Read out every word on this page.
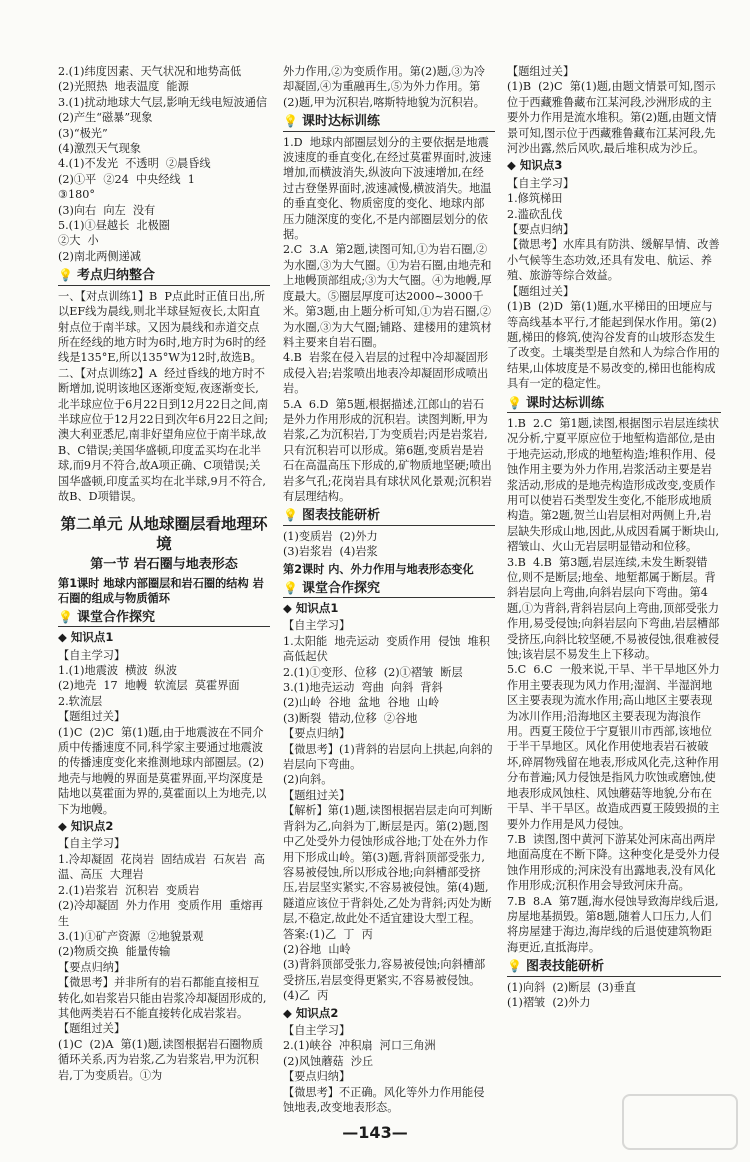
2.(1)纬度因素、天气状况和地势高低

(2)光照热  地表温度  能源

3.(1)扰动地球大气层,影响无线电短波通信

(2)产生“磁暴”现象

(3)“极光”

(4)激烈天气现象

4.(1)不发光  不透明  ②晨昏线

(2)①平  ②24  中央经线  1

③180°

(3)向右  向左  没有

5.(1)①昼越长  北极圈

②大  小

(2)南北两侧递减

💡 考点归纳整合

一、【对点训练1】B  P点此时正值日出,所以EF线为晨线,则北半球昼短夜长,太阳直射点位于南半球。又因为晨线和赤道交点所在经线的地方时为6时,地方时为6时的经线是135°E,所以135°W为12时,故选B。

二、【对点训练2】A  经过昏线的地方时不断增加,说明该地区逐渐变短,夜逐渐变长,北半球应位于6月22日到12月22日之间,南半球应位于12月22日到次年6月22日之间;澳大利亚悉尼,南非好望角应位于南半球,故B、C错误;美国华盛顿,印度孟买均在北半球,而9月不符合,故A项正确、C项错误;关国华盛顿,印度孟买均在北半球,9月不符合,故B、D项错误。

第二单元 从地球圈层看地理环境
第一节 岩石圈与地表形态
第1课时 地球内部圈层和岩石圈的结构 岩石圈的组成与物质循环
💡 课堂合作探究
◆ 知识点1

【自主学习】

1.(1)地震波  横波  纵波

(2)地壳  17  地幔  软流层  莫霍界面

2.软流层

【题组过关】

(1)C  (2)C  第(1)题,由于地震波在不同介质中传播速度不同,科学家主要通过地震波的传播速度变化来推测地球内部圈层。(2)地壳与地幔的界面是莫霍界面,平均深度是陆地以莫霍面为界的,莫霍面以上为地壳,以下为地幔。

◆ 知识点2

【自主学习】

1.冷却凝固  花岗岩  固结成岩  石灰岩  高温、高压  大理岩

2.(1)岩浆岩  沉积岩  变质岩

(2)冷却凝固  外力作用  变质作用  重熔再生

3.(1)①矿产资源  ②地貌景观

(2)物质交换  能量传输

【要点归纳】

【微思考】并非所有的岩石都能直接相互转化,如岩浆岩只能由岩浆冷却凝固形成的,其他两类岩石不能直接转化成岩浆岩。

【题组过关】

(1)C  (2)A  第(1)题,读图根据岩石圈物质循环关系,丙为岩浆,乙为岩浆岩,甲为沉积岩,丁为变质岩。①为

外力作用,②为变质作用。第(2)题,③为冷却凝固,④为重融再生,⑤为外力作用。第(2)题,甲为沉积岩,喀斯特地貌为沉积岩。

💡 课时达标训练

1.D  地球内部圈层划分的主要依据是地震波速度的垂直变化,在经过莫霍界面时,波速增加,而横波消失,纵波向下波速增加,在经过古登堡界面时,波速减慢,横波消失。地温的垂直变化、物质密度的变化、地球内部压力随深度的变化,不是内部圈层划分的依据。

2.C  3.A  第2题,读图可知,①为岩石圈,②为水圈,③为大气圈。①为岩石圈,由地壳和上地幔顶部组成;③为大气圈。④为地幔,厚度最大。⑤圈层厚度可达2000~3000千米。第3题,由上题分析可知,①为岩石圈,②为水圈,③为大气圈;铺路、建楼用的建筑材料主要来自岩石圈。

4.B  岩浆在侵入岩层的过程中冷却凝固形成侵入岩;岩浆喷出地表冷却凝固形成喷出岩。

5.A  6.D  第5题,根据描述,江郎山的岩石是外力作用形成的沉积岩。读图判断,甲为岩浆,乙为沉积岩,丁为变质岩;丙是岩浆岩,只有沉积岩可以形成。第6题,变质岩是岩石在高温高压下形成的,矿物质地坚硬;喷出岩多气孔;花岗岩具有球状风化景观;沉积岩有层理结构。

💡 图表技能研析

(1)变质岩  (2)外力

(3)岩浆岩  (4)岩浆

第2课时 内、外力作用与地表形态变化
💡 课堂合作探究
◆ 知识点1

【自主学习】

1.太阳能  地壳运动  变质作用  侵蚀  堆积  高低起伏

2.(1)①变形、位移  (2)①褶皱  断层

3.(1)地壳运动  弯曲  向斜  背斜

(2)山岭  谷地  盆地  谷地  山岭

(3)断裂  错动,位移  ②谷地

【要点归纳】

【微思考】(1)背斜的岩层向上拱起,向斜的岩层向下弯曲。

(2)向斜。

【题组过关】

【解析】第(1)题,读图根据岩层走向可判断背斜为乙,向斜为丁,断层是丙。第(2)题,图中乙处受外力侵蚀形成谷地;丁处在外力作用下形成山岭。第(3)题,背斜顶部受张力,容易被侵蚀,所以形成谷地;向斜槽部受挤压,岩层坚实紧实,不容易被侵蚀。第(4)题,隧道应该位于背斜处,乙处为背斜;丙处为断层,不稳定,故此处不适宜建设大型工程。

答案:(1)乙  丁  丙

(2)谷地  山岭

(3)背斜顶部受张力,容易被侵蚀;向斜槽部受挤压,岩层变得更紧实,不容易被侵蚀。

(4)乙  丙

◆ 知识点2

【自主学习】

2.(1)峡谷  冲积扇  河口三角洲

(2)风蚀蘑菇  沙丘

【要点归纳】

【微思考】不正确。风化等外力作用能侵蚀地表,改变地表形态。

【题组过关】

(1)B  (2)C  第(1)题,由题文情景可知,图示位于西藏雅鲁藏布江某河段,沙洲形成的主要外力作用是流水堆积。第(2)题,由题文情景可知,图示位于西藏雅鲁藏布江某河段,先河沙出露,然后风吹,最后堆积成为沙丘。

◆ 知识点3

【自主学习】

1.修筑梯田

2.滥砍乱伐

【要点归纳】

【微思考】水库具有防洪、缓解旱情、改善小气候等生态功效,还具有发电、航运、养殖、旅游等综合效益。

【题组过关】

(1)B  (2)D  第(1)题,水平梯田的田埂应与等高线基本平行,才能起到保水作用。第(2)题,梯田的修筑,使沟谷发育的山坡形态发生了改变。土壤类型是自然和人为综合作用的结果,山体坡度是不易改变的,梯田也能构成具有一定的稳定性。

💡 课时达标训练

1.B  2.C  第1题,读图,根据图示岩层连续状况分析,宁夏平原应位于地堑构造部位,是由于地壳运动,形成的地堑构造;堆积作用、侵蚀作用主要为外力作用,岩浆活动主要是岩浆活动,形成的是地壳构造形成改变,变质作用可以使岩石类型发生变化,不能形成地质构造。第2题,贺兰山岩层相对两侧上升,岩层缺失形成山地,因此,从成因看属于断块山,褶皱山、火山无岩层明显错动和位移。

3.B  4.B  第3题,岩层连续,未发生断裂错位,则不是断层;地垒、地堑都属于断层。背斜岩层向上弯曲,向斜岩层向下弯曲。第4题,①为背斜,背斜岩层向上弯曲,顶部受张力作用,易受侵蚀;向斜岩层向下弯曲,岩层槽部受挤压,向斜比较坚硬,不易被侵蚀,很难被侵蚀;该岩层不易发生上下移动。

5.C  6.C  一般来说,干旱、半干旱地区外力作用主要表现为风力作用;湿润、半湿润地区主要表现为流水作用;高山地区主要表现为冰川作用;沿海地区主要表现为海浪作用。西夏王陵位于宁夏银川市西部,该地位于半干旱地区。风化作用使地表岩石被破坏,碎屑物残留在地表,形成风化壳,这种作用分布普遍;风力侵蚀是指风力吹蚀或磨蚀,使地表形成风蚀柱、风蚀蘑菇等地貌,分布在干旱、半干旱区。故造成西夏王陵毁损的主要外力作用是风力侵蚀。

7.B  读图,图中黄河下游某处河床高出两岸地面高度在不断下降。这种变化是受外力侵蚀作用形成的;河床没有出露地表,没有风化作用形成;沉积作用会导致河床升高。

7.B  8.A  第7题,海水侵蚀导致海岸线后退,房屋地基损毁。第8题,随着人口压力,人们将房屋建于海边,海岸线的后退使建筑物距海更近,直抵海岸。

💡 图表技能研析

(1)向斜  (2)断层  (3)垂直

(1)褶皱  (2)外力

—143—
